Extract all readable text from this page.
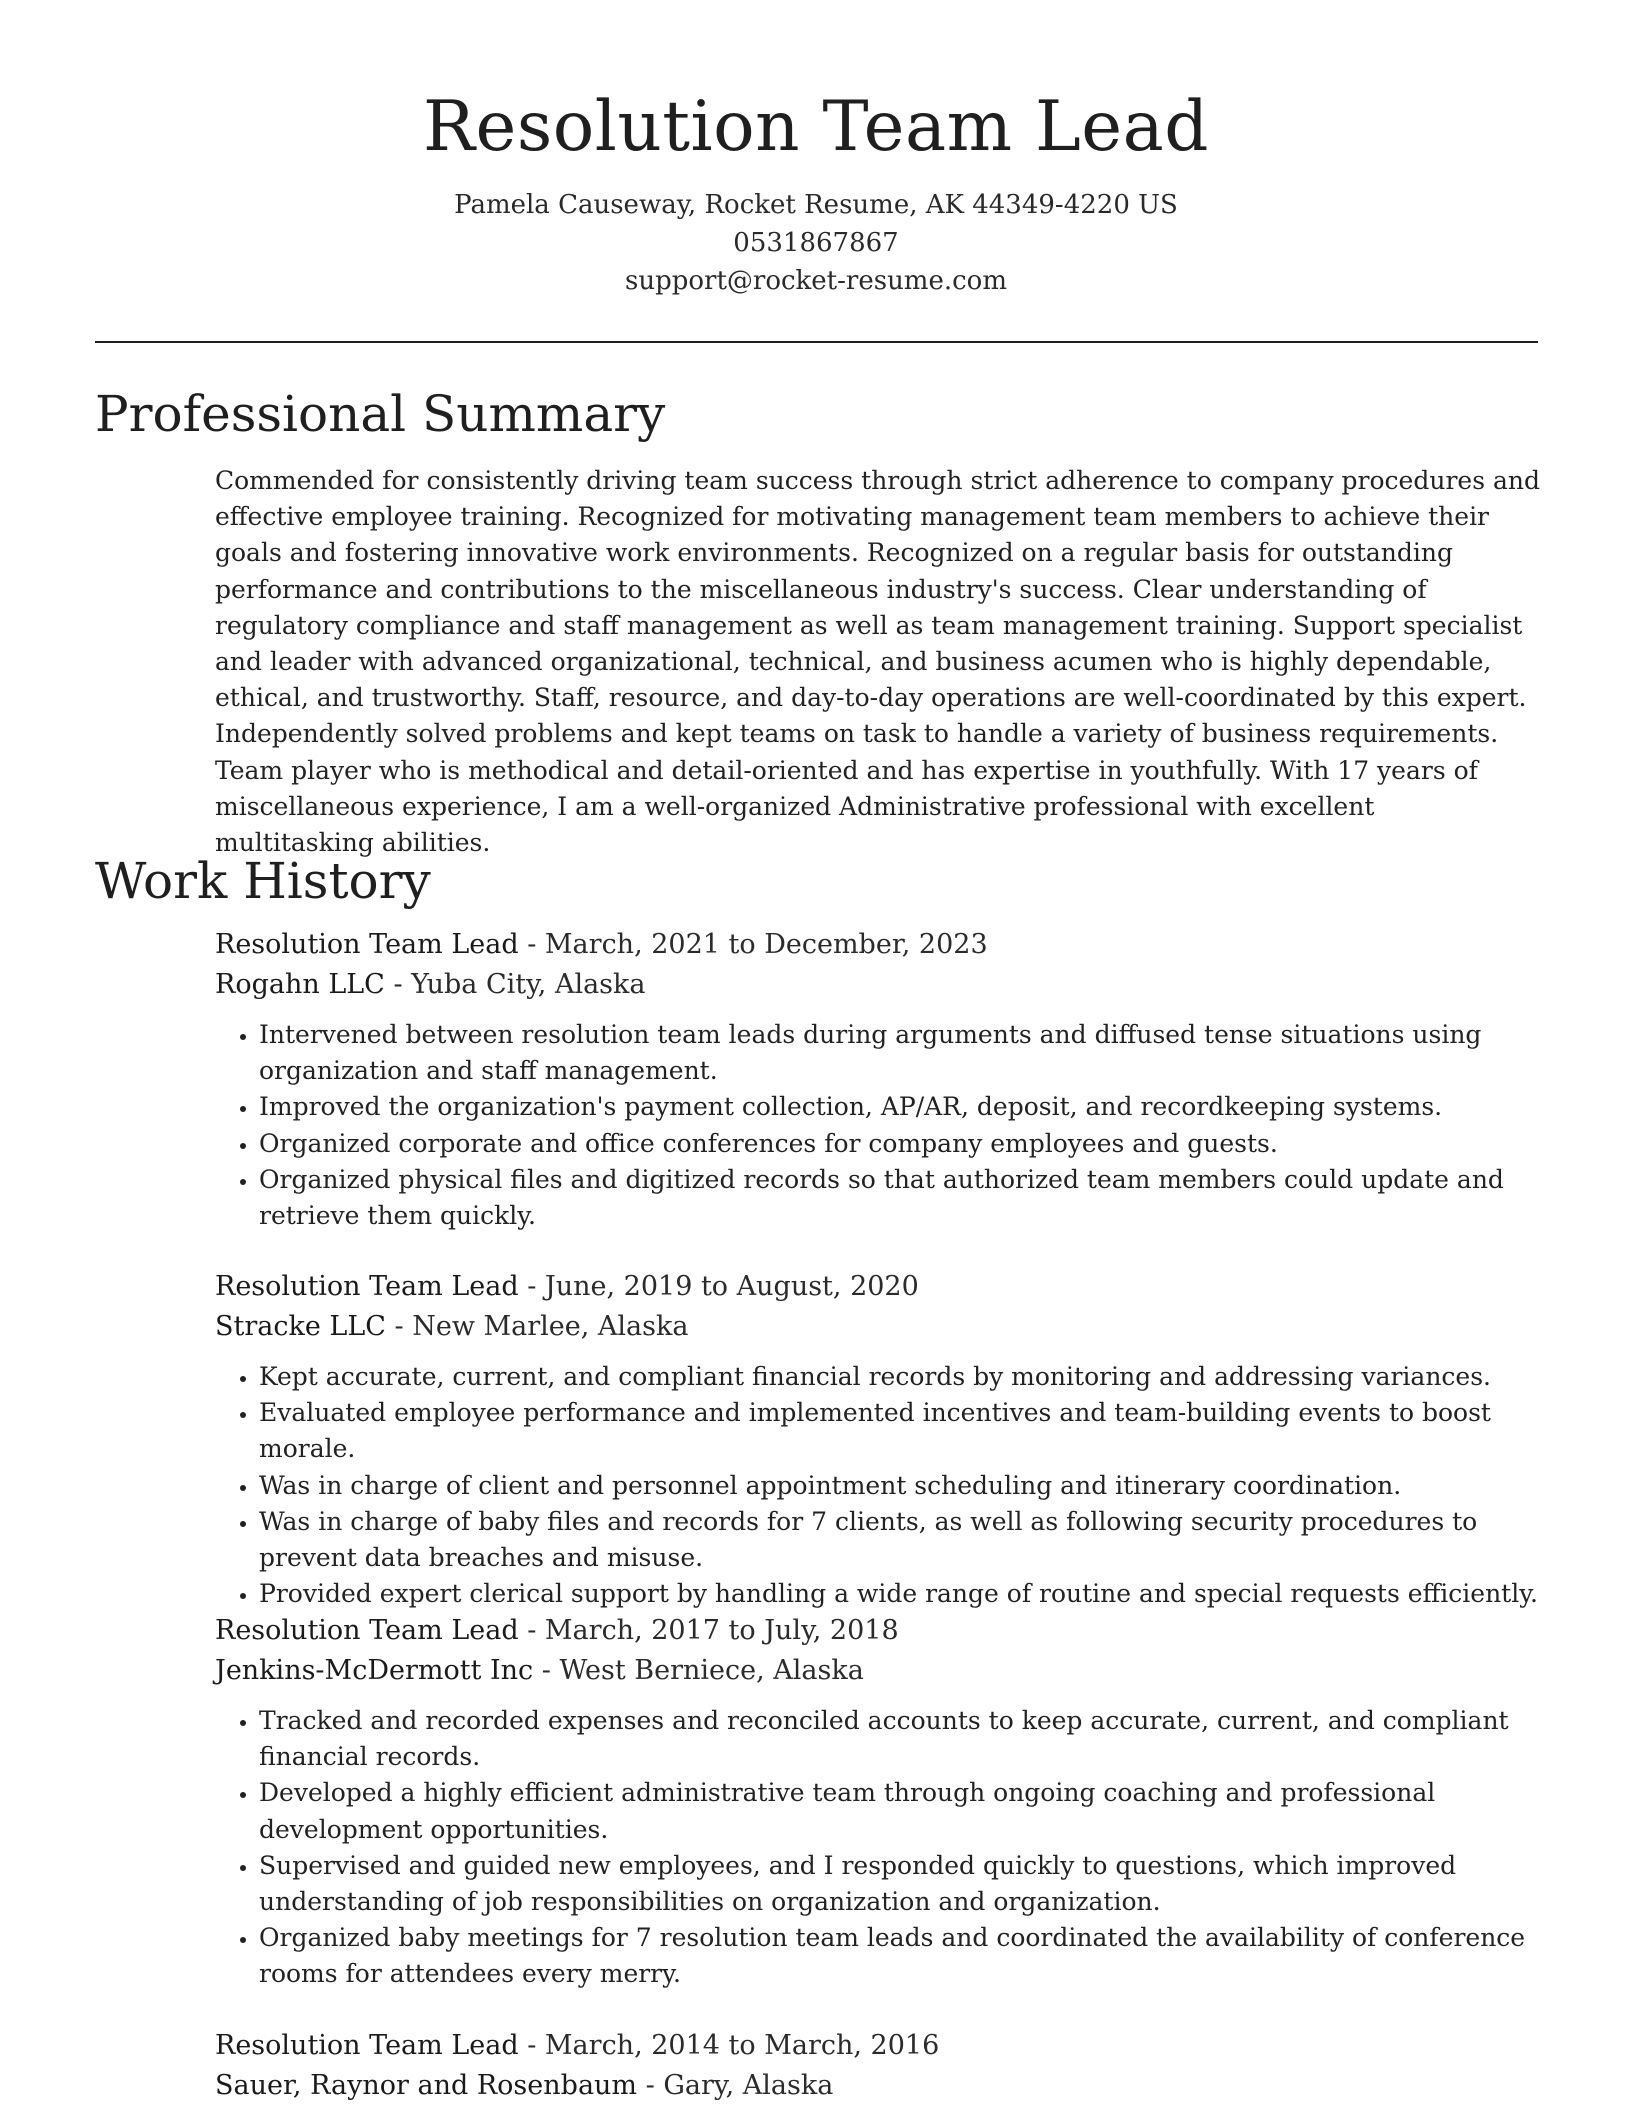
Resolution Team Lead
Pamela Causeway, Rocket Resume, AK 44349-4220 US
0531867867
support@rocket-resume.com
Professional Summary

Commended for consistently driving team success through strict adherence to company procedures and effective employee training. Recognized for motivating management team members to achieve their goals and fostering innovative work environments. Recognized on a regular basis for outstanding performance and contributions to the miscellaneous industry's success. Clear understanding of regulatory compliance and staff management as well as team management training. Support specialist and leader with advanced organizational, technical, and business acumen who is highly dependable, ethical, and trustworthy. Staff, resource, and day-to-day operations are well-coordinated by this expert. Independently solved problems and kept teams on task to handle a variety of business requirements. Team player who is methodical and detail-oriented and has expertise in youthfully. With 17 years of miscellaneous experience, I am a well-organized Administrative professional with excellent multitasking abilities.

Work History
Resolution Team Lead - March, 2021 to December, 2023
Rogahn LLC - Yuba City, Alaska
• Intervened between resolution team leads during arguments and diffused tense situations using organization and staff management.
• Improved the organization's payment collection, AP/AR, deposit, and recordkeeping systems.
• Organized corporate and office conferences for company employees and guests.
• Organized physical files and digitized records so that authorized team members could update and retrieve them quickly.
Resolution Team Lead - June, 2019 to August, 2020
Stracke LLC - New Marlee, Alaska
• Kept accurate, current, and compliant financial records by monitoring and addressing variances.
• Evaluated employee performance and implemented incentives and team-building events to boost morale.
• Was in charge of client and personnel appointment scheduling and itinerary coordination.
• Was in charge of baby files and records for 7 clients, as well as following security procedures to prevent data breaches and misuse.
• Provided expert clerical support by handling a wide range of routine and special requests efficiently.
Resolution Team Lead - March, 2017 to July, 2018
Jenkins-McDermott Inc - West Berniece, Alaska
• Tracked and recorded expenses and reconciled accounts to keep accurate, current, and compliant financial records.
• Developed a highly efficient administrative team through ongoing coaching and professional development opportunities.
• Supervised and guided new employees, and I responded quickly to questions, which improved understanding of job responsibilities on organization and organization.
• Organized baby meetings for 7 resolution team leads and coordinated the availability of conference rooms for attendees every merry.
Resolution Team Lead - March, 2014 to March, 2016
Sauer, Raynor and Rosenbaum - Gary, Alaska
